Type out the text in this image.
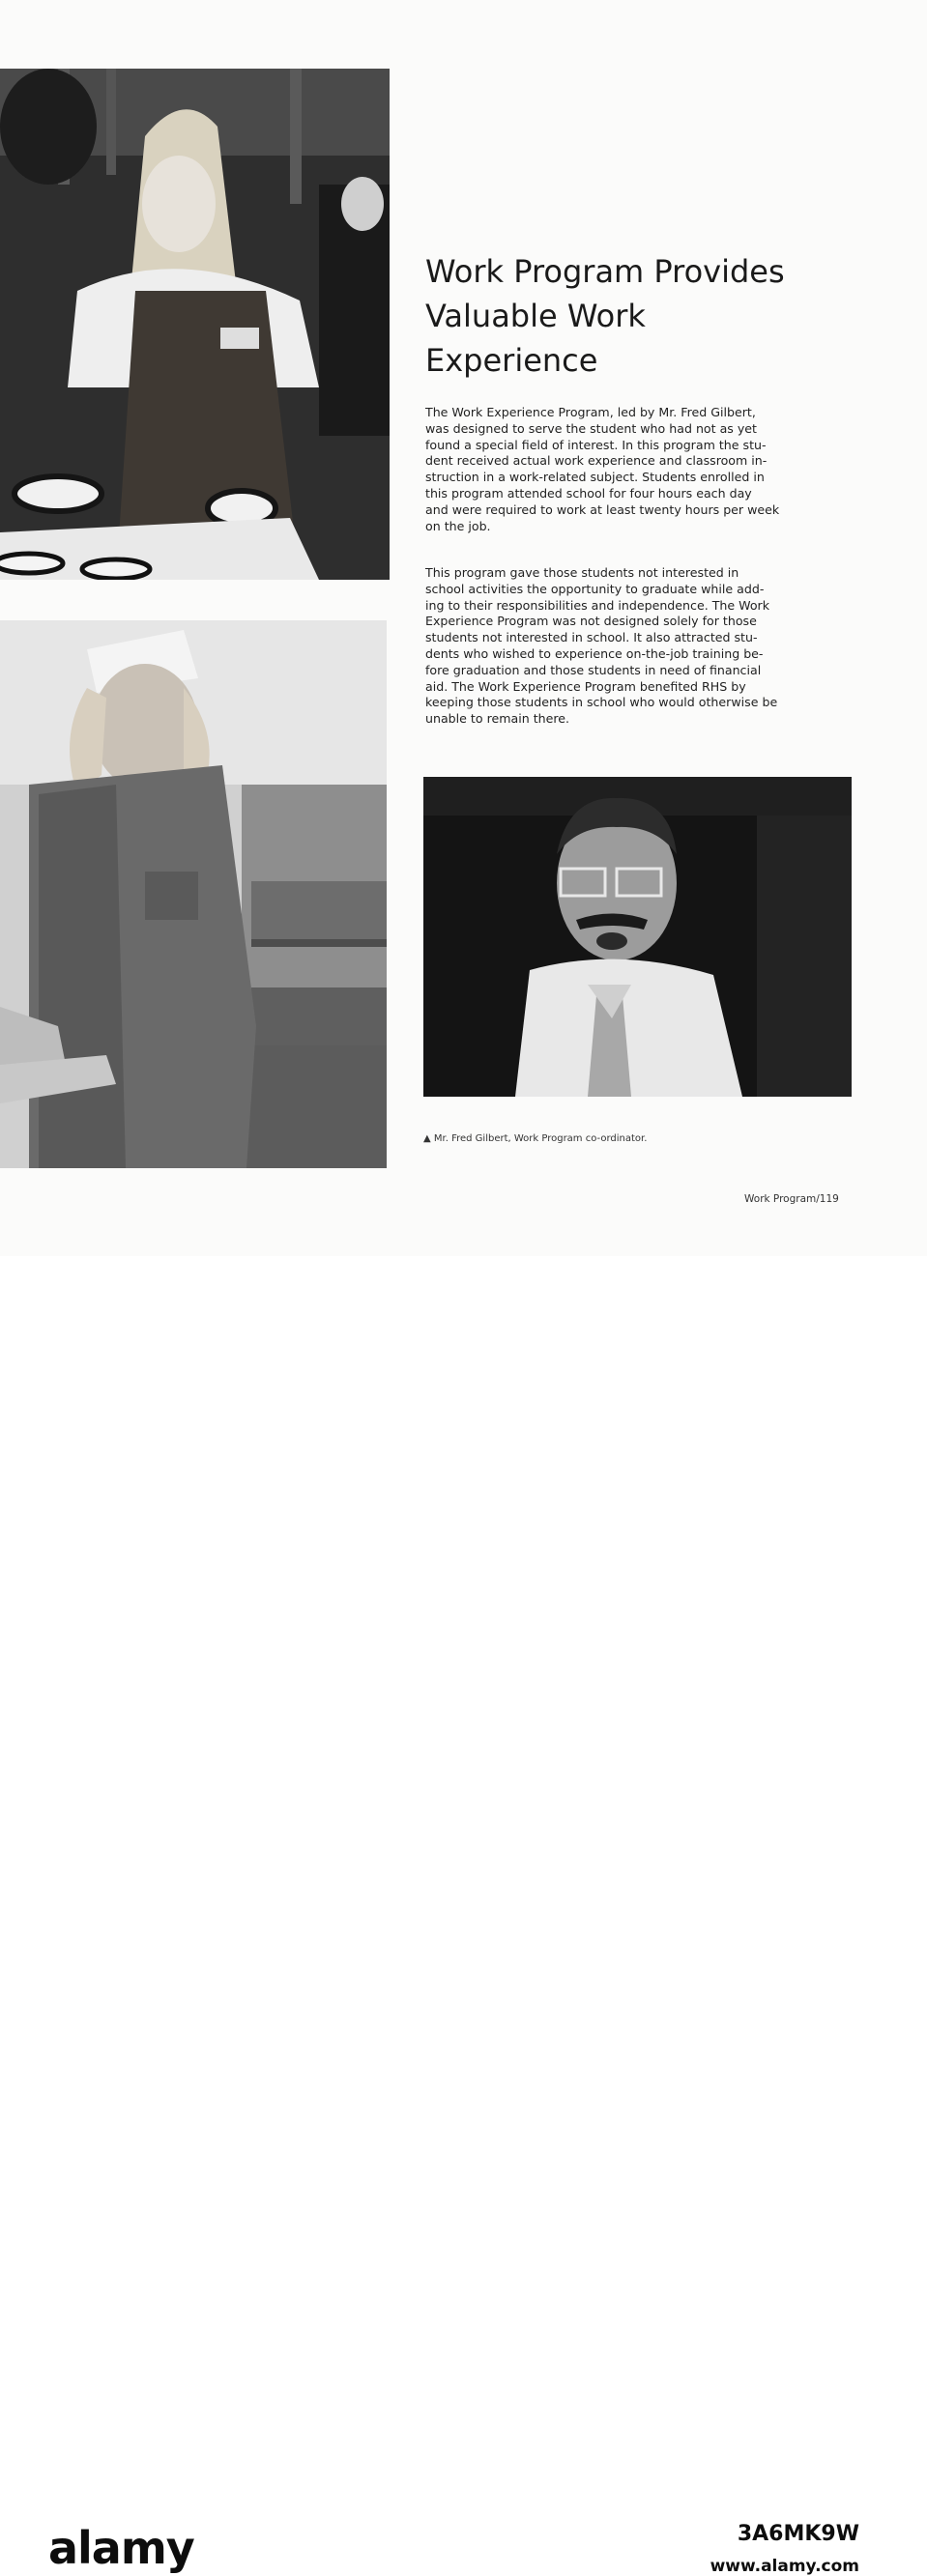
Work Program Provides
Valuable Work
Experience
The Work Experience Program, led by Mr. Fred Gilbert,
was designed to serve the student who had not as yet
found a special field of interest. In this program the stu-
dent received actual work experience and classroom in-
struction in a work-related subject. Students enrolled in
this program attended school for four hours each day
and were required to work at least twenty hours per week
on the job.
This program gave those students not interested in
school activities the opportunity to graduate while add-
ing to their responsibilities and independence. The Work
Experience Program was not designed solely for those
students not interested in school. It also attracted stu-
dents who wished to experience on-the-job training be-
fore graduation and those students in need of financial
aid. The Work Experience Program benefited RHS by
keeping those students in school who would otherwise be
unable to remain there.
▲ Mr. Fred Gilbert, Work Program co-ordinator.
Work Program/119
alamy	3A6MK9W
www.alamy.com
